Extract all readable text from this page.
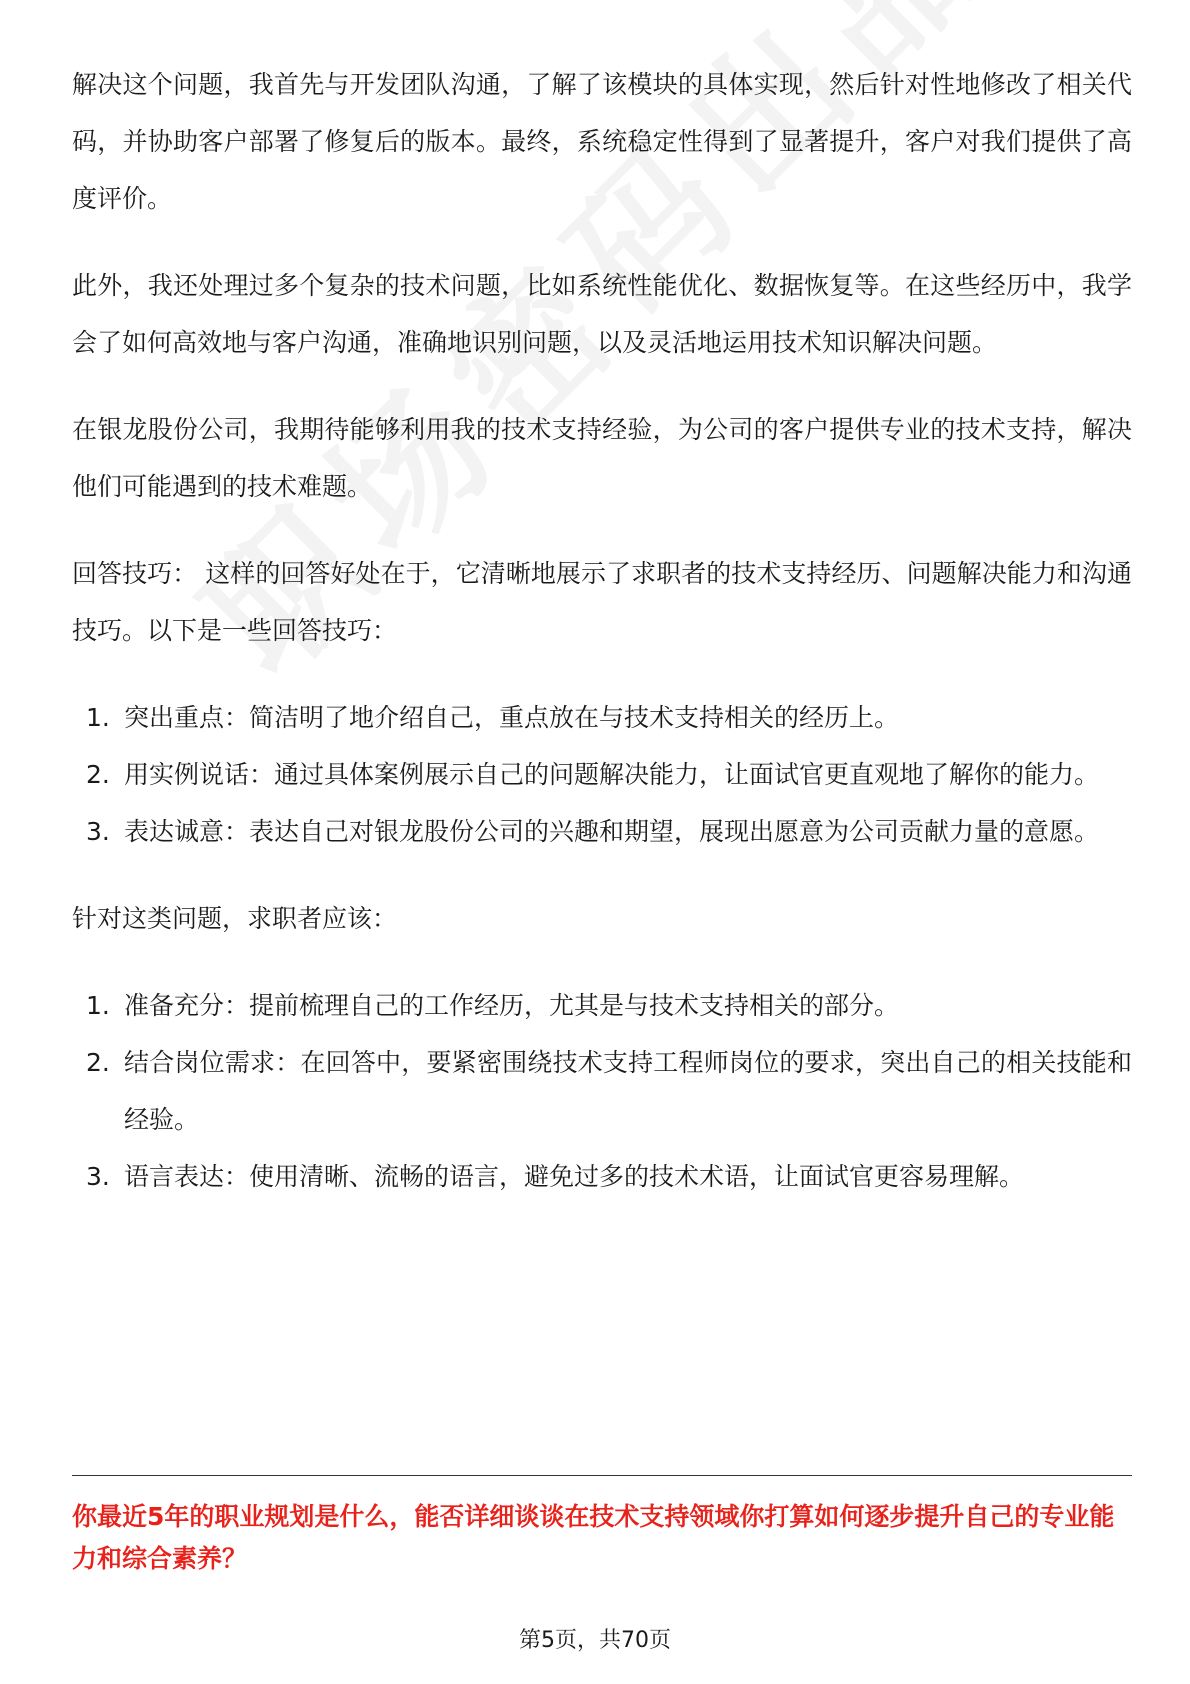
解决这个问题，我首先与开发团队沟通，了解了该模块的具体实现，然后针对性地修改了相关代码，并协助客户部署了修复后的版本。最终，系统稳定性得到了显著提升，客户对我们提供了高度评价。

此外，我还处理过多个复杂的技术问题，比如系统性能优化、数据恢复等。在这些经历中，我学会了如何高效地与客户沟通，准确地识别问题，以及灵活地运用技术知识解决问题。

在银龙股份公司，我期待能够利用我的技术支持经验，为公司的客户提供专业的技术支持，解决他们可能遇到的技术难题。

回答技巧： 这样的回答好处在于，它清晰地展示了求职者的技术支持经历、问题解决能力和沟通技巧。以下是一些回答技巧：

1. 突出重点：简洁明了地介绍自己，重点放在与技术支持相关的经历上。
2. 用实例说话：通过具体案例展示自己的问题解决能力，让面试官更直观地了解你的能力。
3. 表达诚意：表达自己对银龙股份公司的兴趣和期望，展现出愿意为公司贡献力量的意愿。

针对这类问题，求职者应该：

1. 准备充分：提前梳理自己的工作经历，尤其是与技术支持相关的部分。
2. 结合岗位需求：在回答中，要紧密围绕技术支持工程师岗位的要求，突出自己的相关技能和经验。
3. 语言表达：使用清晰、流畅的语言，避免过多的技术术语，让面试官更容易理解。

你最近5年的职业规划是什么，能否详细谈谈在技术支持领域你打算如何逐步提升自己的专业能力和综合素养？

第5页，共70页
